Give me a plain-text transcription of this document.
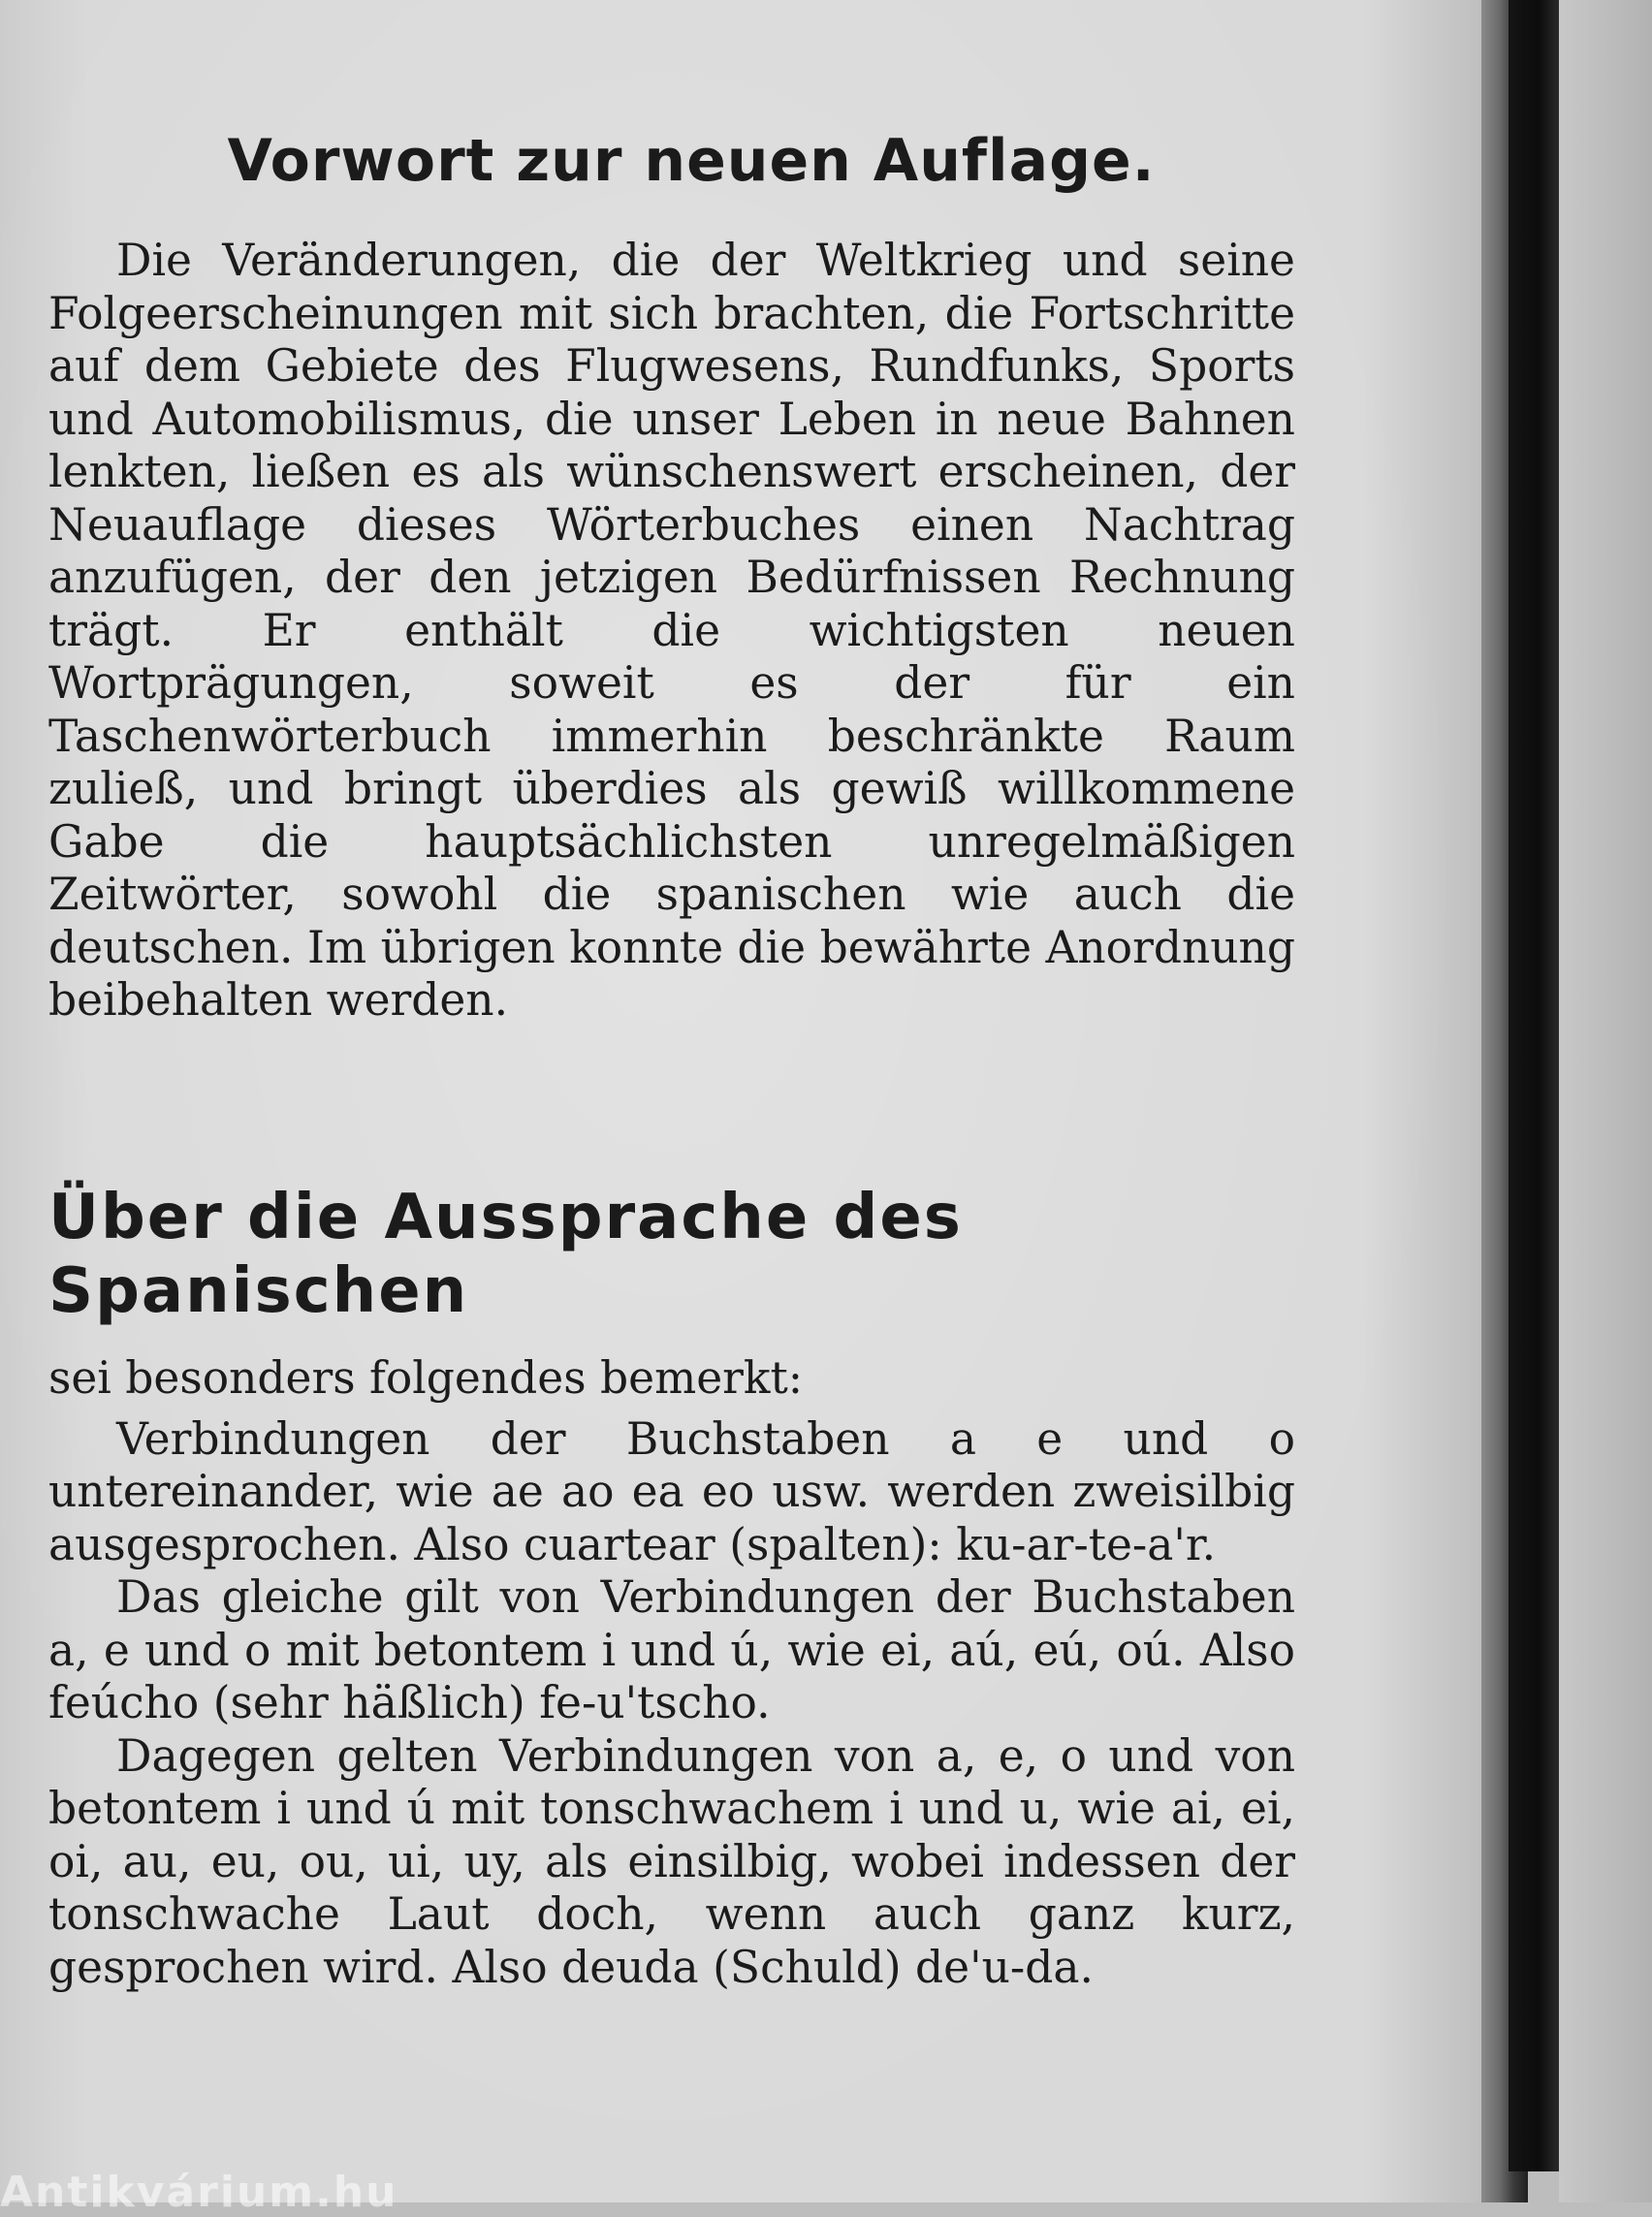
Vorwort zur neuen Auflage.

Die Veränderungen, die der Weltkrieg und seine Folgeerscheinungen mit sich brachten, die Fortschritte auf dem Gebiete des Flugwesens, Rundfunks, Sports und Automobilismus, die unser Leben in neue Bahnen lenkten, ließen es als wünschenswert erscheinen, der Neuauflage dieses Wörterbuches einen Nachtrag anzufügen, der den jetzigen Bedürfnissen Rechnung trägt. Er enthält die wichtigsten neuen Wortprägungen, soweit es der für ein Taschenwörterbuch immerhin beschränkte Raum zuließ, und bringt überdies als gewiß willkommene Gabe die hauptsächlichsten unregelmäßigen Zeitwörter, sowohl die spanischen wie auch die deutschen. Im übrigen konnte die bewährte Anordnung beibehalten werden.

Über die Aussprache des Spanischen

sei besonders folgendes bemerkt:

Verbindungen der Buchstaben a e und o untereinander, wie ae ao ea eo usw. werden zweisilbig ausgesprochen. Also cuartear (spalten): ku-ar-te-a'r.

Das gleiche gilt von Verbindungen der Buchstaben a, e und o mit betontem i und ú, wie ei, aú, eú, oú. Also feúcho (sehr häßlich) fe-u'tscho.

Dagegen gelten Verbindungen von a, e, o und von betontem i und ú mit tonschwachem i und u, wie ai, ei, oi, au, eu, ou, ui, uy, als einsilbig, wobei indessen der tonschwache Laut doch, wenn auch ganz kurz, gesprochen wird. Also deuda (Schuld) de'u-da.

Antikvárium.hu
